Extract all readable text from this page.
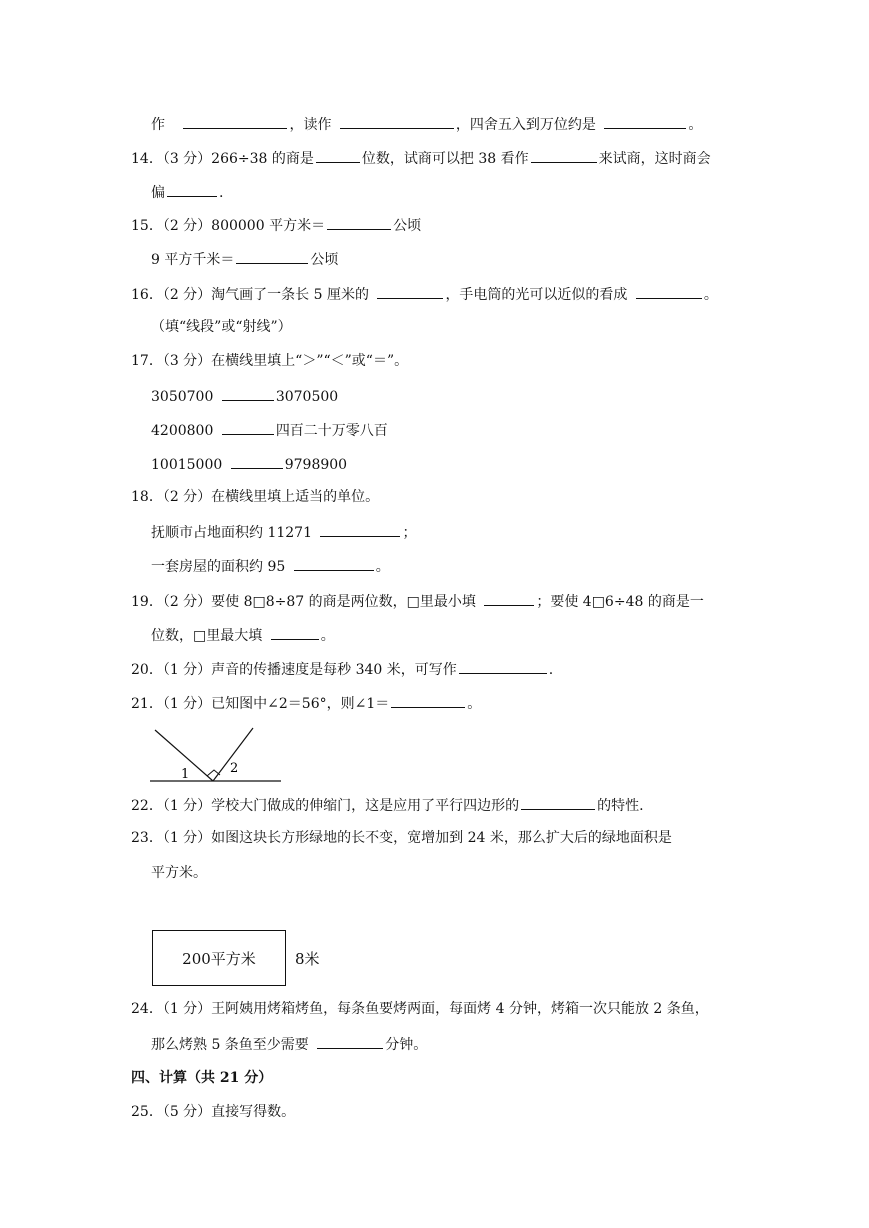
作	，读作	，四舍五入到万位约是	。
14．（3 分）266÷38 的商是	位数，试商可以把 38 看作	来试商，这时商会
偏	.
15．（2 分）800000 平方米＝	公顷
9 平方千米＝	公顷
16．（2 分）淘气画了一条长 5 厘米的	，手电筒的光可以近似的看成	。
（填“线段”或“射线”）
17．（3 分）在横线里填上“＞”“＜”或“＝”。
3050700	3070500
4200800	四百二十万零八百
10015000	9798900
18．（2 分）在横线里填上适当的单位。
抚顺市占地面积约 11271	；
一套房屋的面积约 95	。
19．（2 分）要使 8□8÷87 的商是两位数，□里最小填	；要使 4□6÷48 的商是一
位数，□里最大填	。
20．（1 分）声音的传播速度是每秒 340 米，可写作	.
21．（1 分）已知图中∠2＝56°，则∠1＝	。
1	2
22．（1 分）学校大门做成的伸缩门，这是应用了平行四边形的	的特性.
23．（1 分）如图这块长方形绿地的长不变，宽增加到 24 米，那么扩大后的绿地面积是
平方米。
200平方米	8米
24．（1 分）王阿姨用烤箱烤鱼，每条鱼要烤两面，每面烤 4 分钟，烤箱一次只能放 2 条鱼，
那么烤熟 5 条鱼至少需要	分钟。
四、计算（共 21 分）
25．（5 分）直接写得数。
